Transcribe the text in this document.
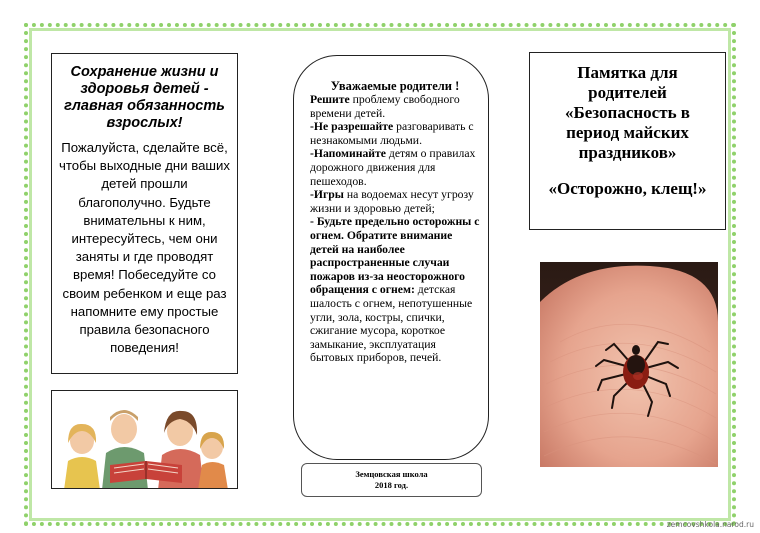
Сохранение жизни и здоровья детей - главная обязанность взрослых!
Пожалуйста, сделайте всё, чтобы выходные дни ваших детей прошли благополучно. Будьте внимательны к ним, интересуйтесь, чем они заняты и где проводят время! Побеседуйте со своим ребенком и еще раз напомните ему простые правила безопасного поведения!

Уважаемые родители !

Решите проблему свободного времени детей.

-Не разрешайте разговаривать с незнакомыми людьми.

-Напоминайте детям о правилах дорожного движения для пешеходов.

-Игры на водоемах несут угрозу жизни и здоровью детей;

- Будьте предельно осторожны с огнем. Обратите внимание детей на наиболее распространенные случаи пожаров из-за неосторожного обращения с огнем: детская шалость с огнем, непотушенные угли, зола, костры, спички, сжигание мусора, короткое замыкание, эксплуатация бытовых приборов, печей.

Земцовская школа
2018 год.
Памятка для
родителей
«Безопасность в
период майских
праздников»
«Осторожно, клещ!»
zemcovshkola.narod.ru
